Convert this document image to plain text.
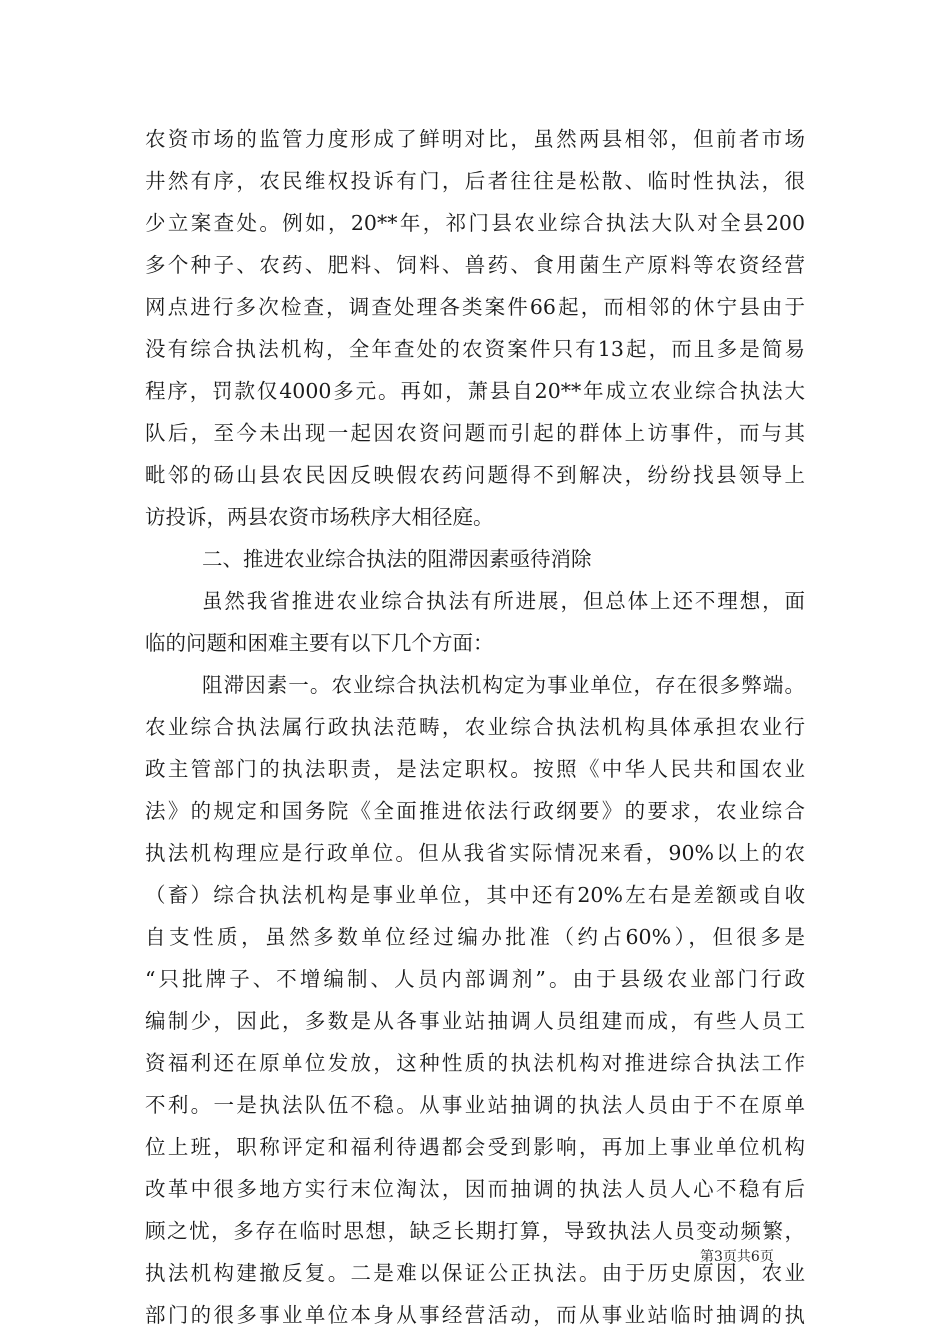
农资市场的监管力度形成了鲜明对比，虽然两县相邻，但前者市场
井然有序，农民维权投诉有门，后者往往是松散、临时性执法，很
少立案查处。例如，20**年，祁门县农业综合执法大队对全县200
多个种子、农药、肥料、饲料、兽药、食用菌生产原料等农资经营
网点进行多次检查，调查处理各类案件66起，而相邻的休宁县由于
没有综合执法机构，全年查处的农资案件只有13起，而且多是简易
程序，罚款仅4000多元。再如，萧县自20**年成立农业综合执法大
队后，至今未出现一起因农资问题而引起的群体上访事件，而与其
毗邻的砀山县农民因反映假农药问题得不到解决，纷纷找县领导上
访投诉，两县农资市场秩序大相径庭。
二、推进农业综合执法的阻滞因素亟待消除
虽然我省推进农业综合执法有所进展，但总体上还不理想，面
临的问题和困难主要有以下几个方面：
阻滞因素一。农业综合执法机构定为事业单位，存在很多弊端。
农业综合执法属行政执法范畴，农业综合执法机构具体承担农业行
政主管部门的执法职责，是法定职权。按照《中华人民共和国农业
法》的规定和国务院《全面推进依法行政纲要》的要求，农业综合
执法机构理应是行政单位。但从我省实际情况来看，90%以上的农
（畜）综合执法机构是事业单位，其中还有20%左右是差额或自收
自支性质，虽然多数单位经过编办批准（约占60%），但很多是
“只批牌子、不增编制、人员内部调剂”。由于县级农业部门行政
编制少，因此，多数是从各事业站抽调人员组建而成，有些人员工
资福利还在原单位发放，这种性质的执法机构对推进综合执法工作
不利。一是执法队伍不稳。从事业站抽调的执法人员由于不在原单
位上班，职称评定和福利待遇都会受到影响，再加上事业单位机构
改革中很多地方实行末位淘汰，因而抽调的执法人员人心不稳有后
顾之忧，多存在临时思想，缺乏长期打算，导致执法人员变动频繁，
执法机构建撤反复。二是难以保证公正执法。由于历史原因，农业
部门的很多事业单位本身从事经营活动，而从事业站临时抽调的执
第3页共6页
